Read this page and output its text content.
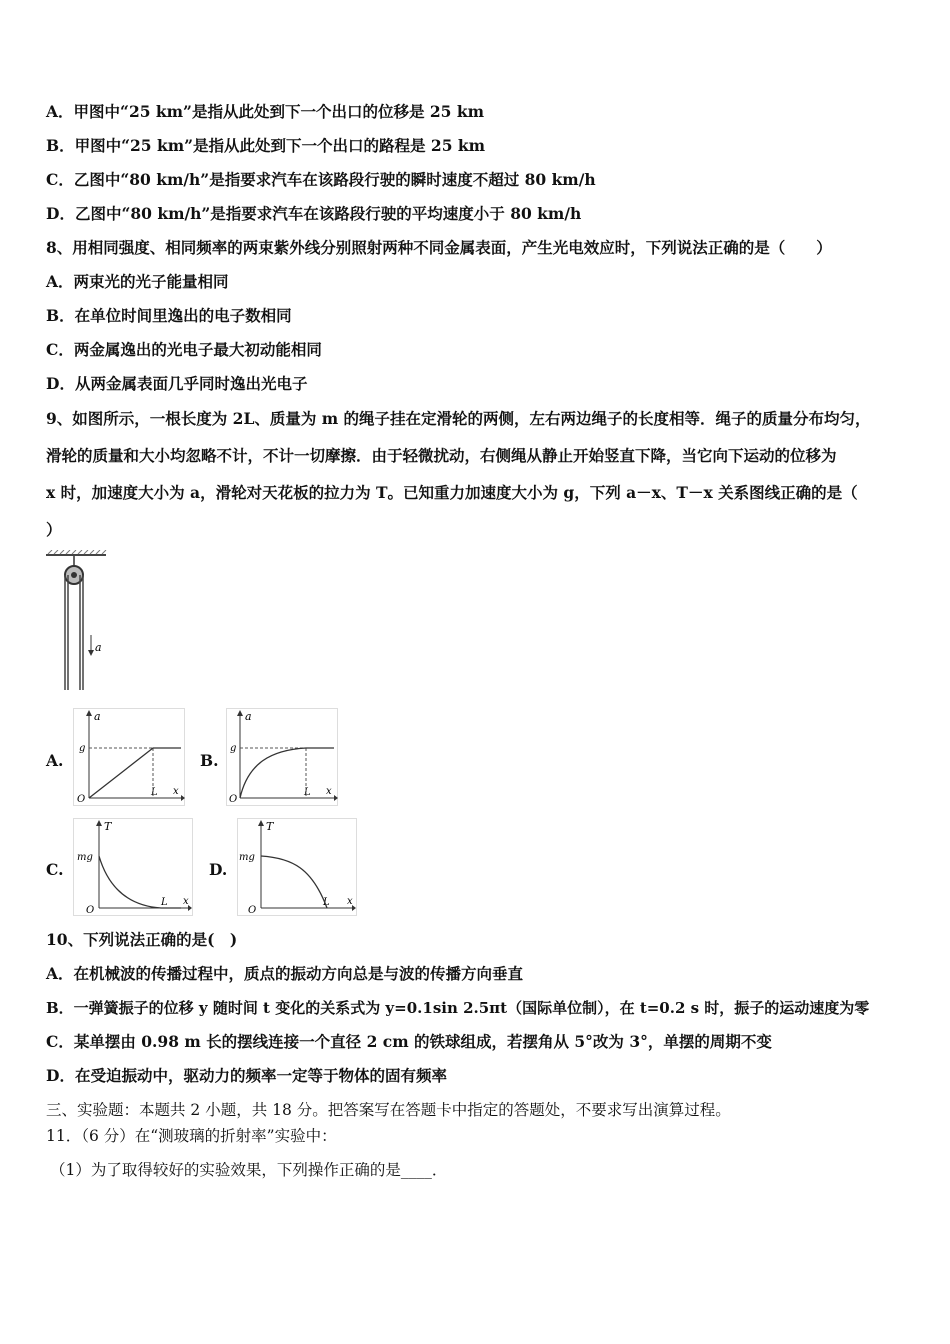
A．甲图中“25 km”是指从此处到下一个出口的位移是 25 km
B．甲图中“25 km”是指从此处到下一个出口的路程是 25 km
C．乙图中“80 km/h”是指要求汽车在该路段行驶的瞬时速度不超过 80 km/h
D．乙图中“80 km/h”是指要求汽车在该路段行驶的平均速度小于 80 km/h
8、用相同强度、相同频率的两束紫外线分别照射两种不同金属表面，产生光电效应时，下列说法正确的是（　　）
A．两束光的光子能量相同
B．在单位时间里逸出的电子数相同
C．两金属逸出的光电子最大初动能相同
D．从两金属表面几乎同时逸出光电子
9、如图所示，一根长度为 2L、质量为 m 的绳子挂在定滑轮的两侧，左右两边绳子的长度相等．绳子的质量分布均匀，
滑轮的质量和大小均忽略不计，不计一切摩擦．由于轻微扰动，右侧绳从静止开始竖直下降，当它向下运动的位移为
x 时，加速度大小为 a，滑轮对天花板的拉力为 T。已知重力加速度大小为 g，下列 a－x、T－x 关系图线正确的是（
）
a
A.	B.
C.	D.
a
g
O
L x
a
g
O
L x
T
mg
O
L x
T
mg
O
L x
10、下列说法正确的是(　)
A．在机械波的传播过程中，质点的振动方向总是与波的传播方向垂直
B．一弹簧振子的位移 y 随时间 t 变化的关系式为 y=0.1sin 2.5πt（国际单位制），在 t=0.2 s 时，振子的运动速度为零
C．某单摆由 0.98 m 长的摆线连接一个直径 2 cm 的铁球组成，若摆角从 5°改为 3°，单摆的周期不变
D．在受迫振动中，驱动力的频率一定等于物体的固有频率
三、实验题：本题共 2 小题，共 18 分。把答案写在答题卡中指定的答题处，不要求写出演算过程。
11．（6 分）在“测玻璃的折射率”实验中：
（1）为了取得较好的实验效果，下列操作正确的是____．
